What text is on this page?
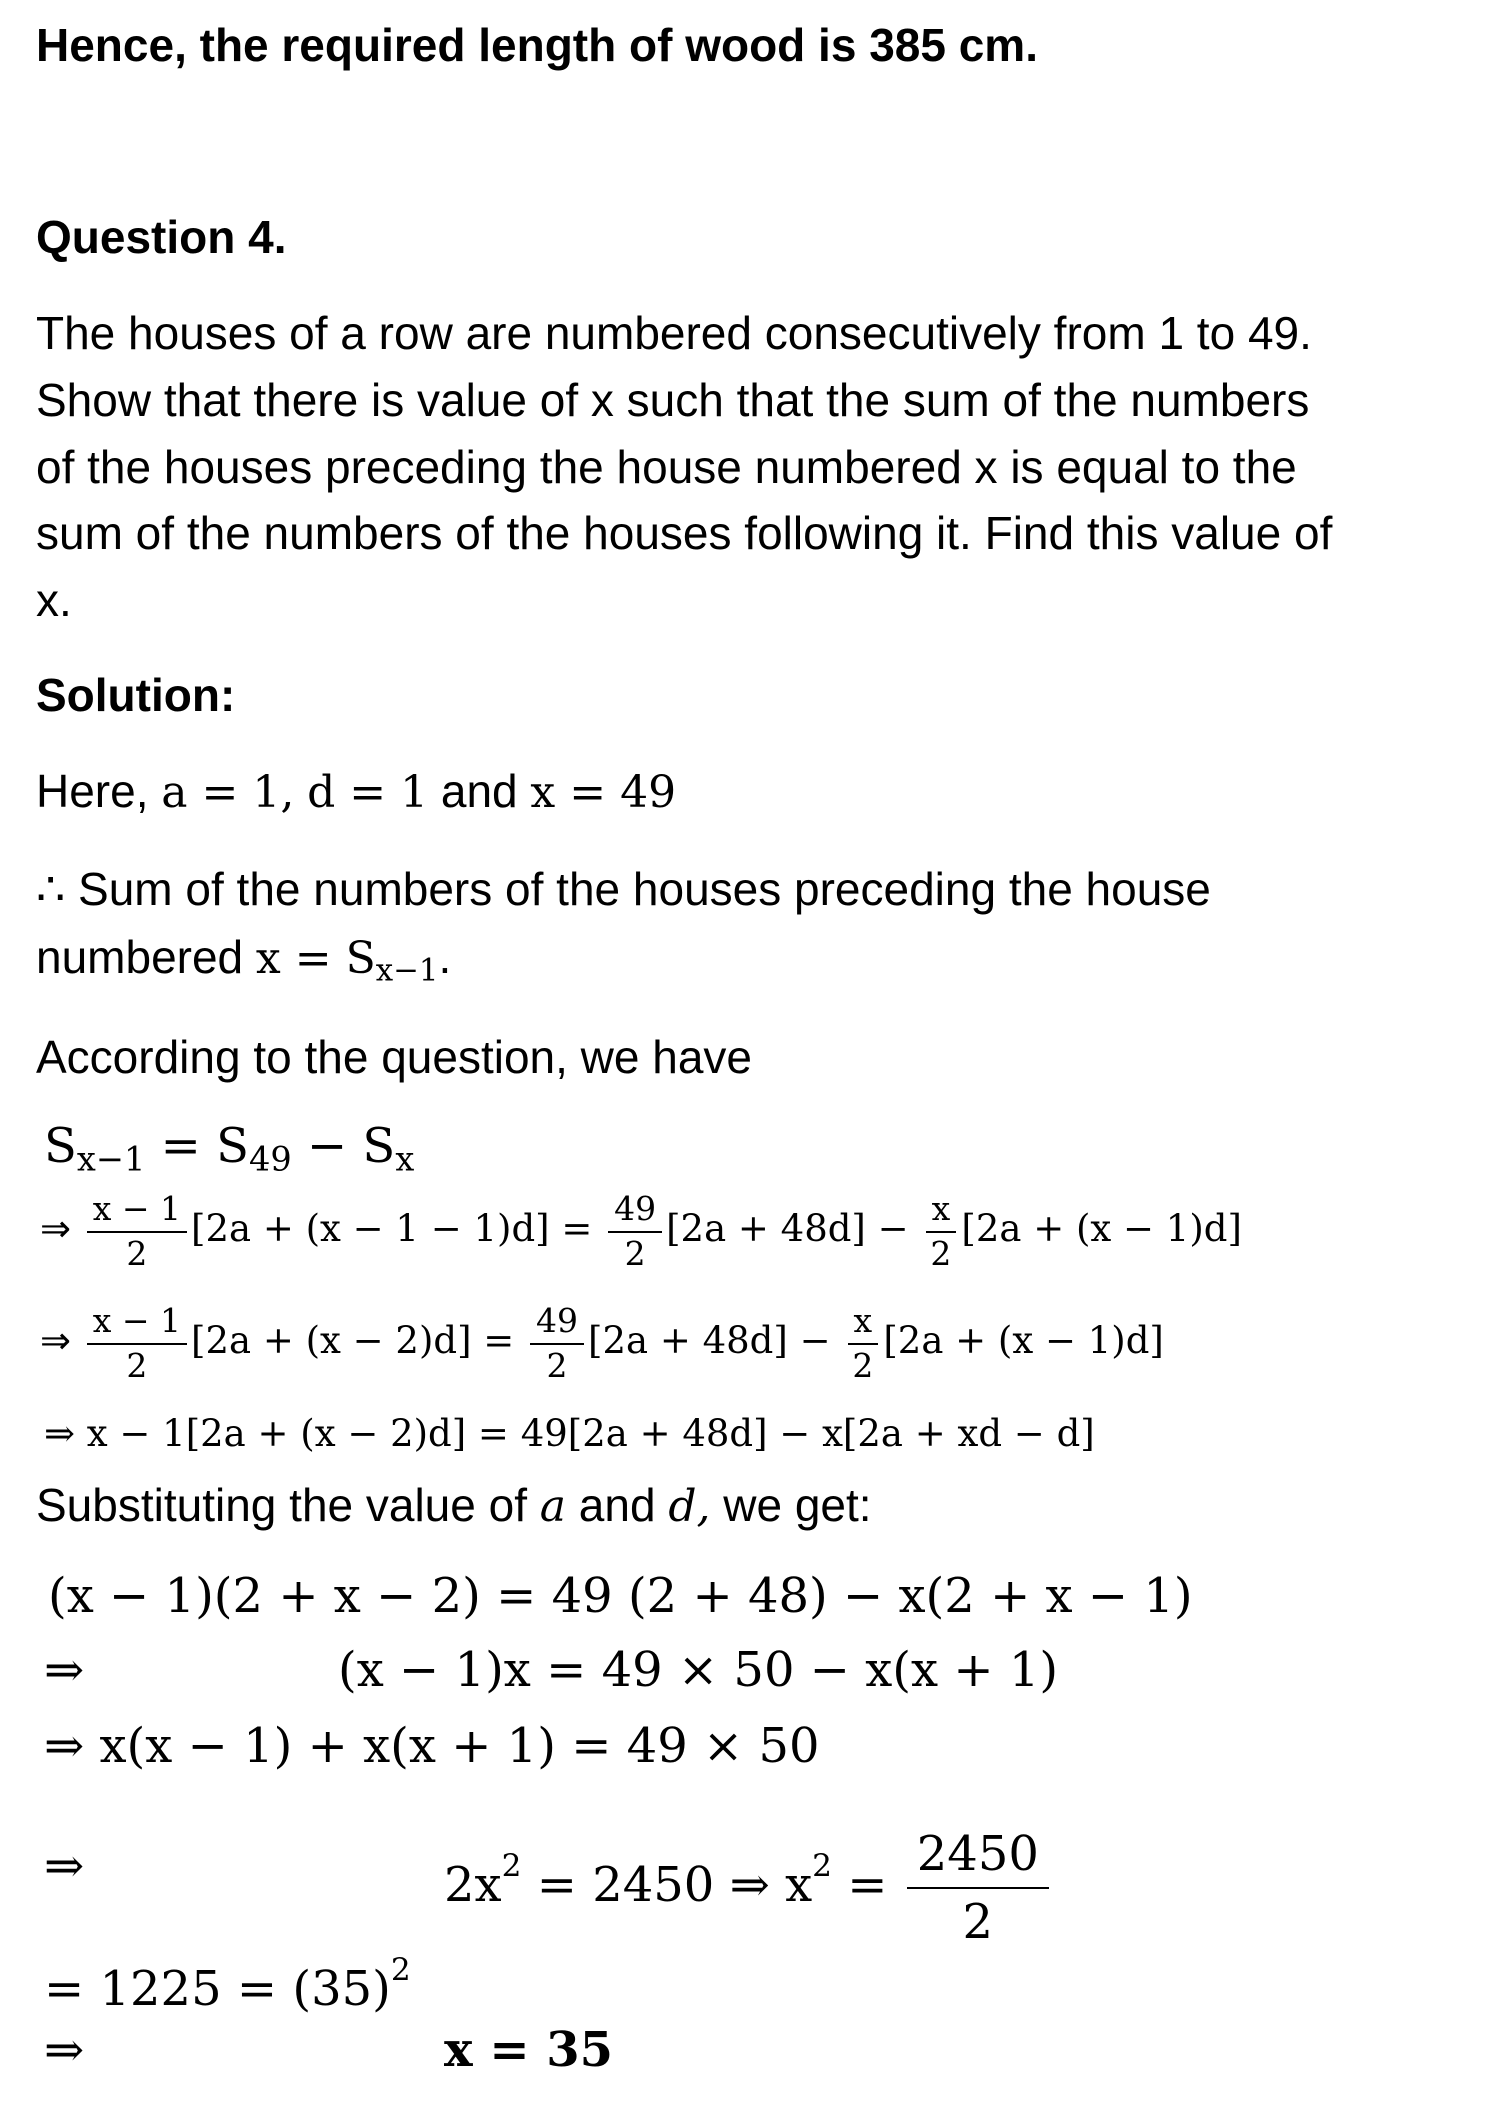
Hence, the required length of wood is 385 cm.

Question 4.

The houses of a row are numbered consecutively from 1 to 49.

Show that there is value of x such that the sum of the numbers

of the houses preceding the house numbered x is equal to the

sum of the numbers of the houses following it. Find this value of

x.

Solution:

Here, a = 1, d = 1 and x = 49

∴ Sum of the numbers of the houses preceding the house

numbered $x = S_{x-1}$.

According to the question, we have

$S_{x-1} = S_{49} - S_x$
⇒ $\frac{x - 1}{2} [2a + (x - 1 - 1)d] = \frac{49}{2} [2a + 48d] - \frac{x}{2} [2a + (x - 1)d]$
⇒ $\frac{x - 1}{2} [2a + (x - 2)d] = \frac{49}{2} [2a + 48d] - \frac{x}{2} [2a + (x - 1)d]$
⇒ x − 1[2a + (x − 2)d] = 49[2a + 48d] − x[2a + xd − d]

Substituting the value of a and d, we get:

(x − 1)(2 + x − 2) = 49 (2 + 48) − x(2 + x − 1)
⇒	(x − 1)x = 49 × 50 − x(x + 1)
⇒ x(x − 1) + x(x + 1) = 49 × 50
⇒	$2x^2 = 2450$ ⇒ $x^2 = \frac{2450}{2}$
= $1225 = (35)^2$
⇒	x = 35
